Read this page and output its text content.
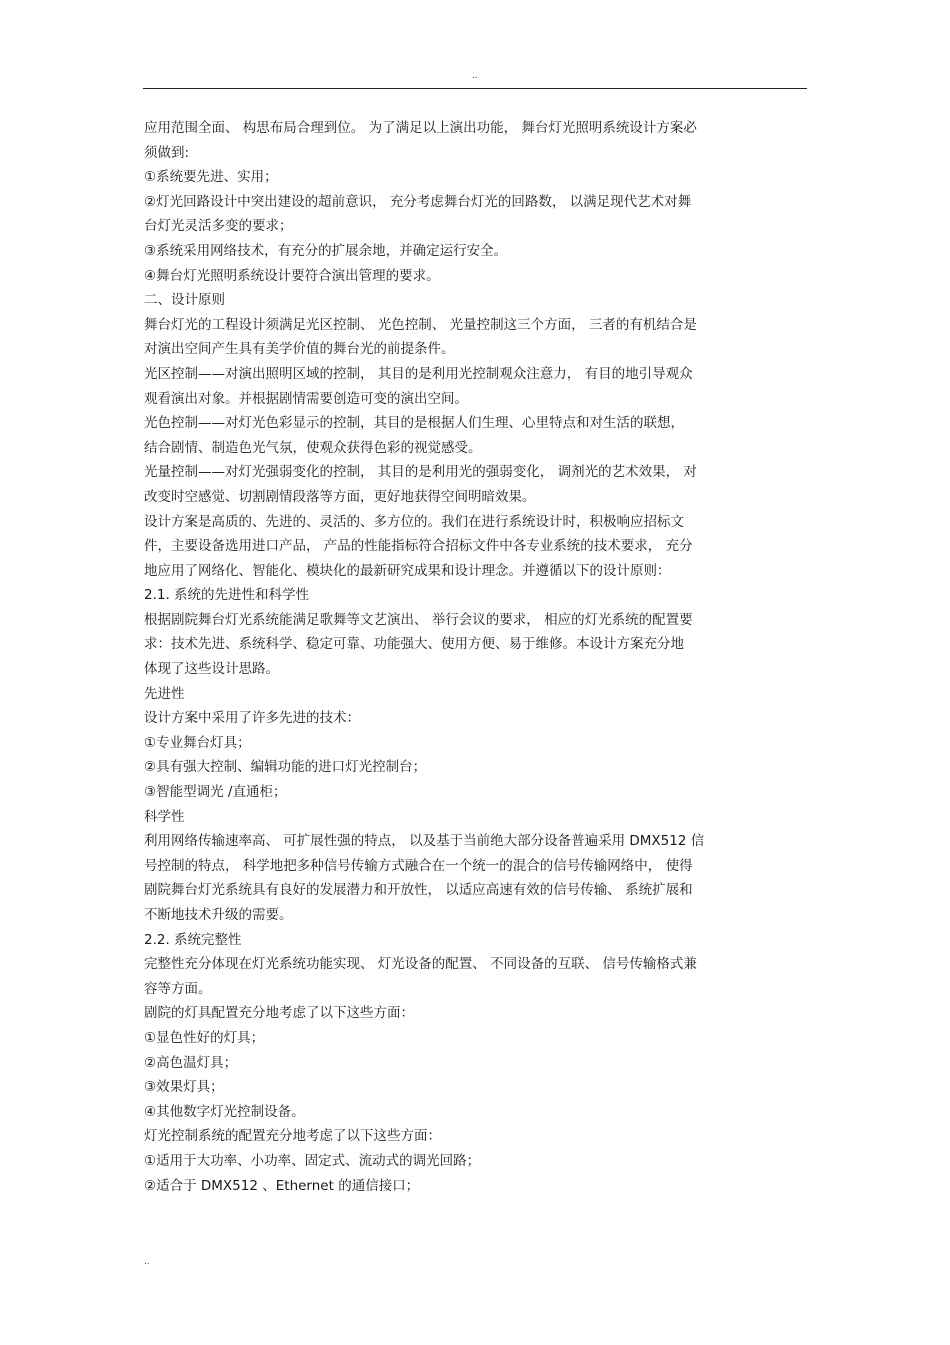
..
应用范围全面、 构思布局合理到位。 为了满足以上演出功能， 舞台灯光照明系统设计方案必
须做到:
①系统要先进、实用；
②灯光回路设计中突出建设的超前意识， 充分考虑舞台灯光的回路数， 以满足现代艺术对舞
台灯光灵活多变的要求；
③系统采用网络技术，有充分的扩展余地，并确定运行安全。
④舞台灯光照明系统设计要符合演出管理的要求。
二、设计原则
舞台灯光的工程设计须满足光区控制、 光色控制、 光量控制这三个方面， 三者的有机结合是
对演出空间产生具有美学价值的舞台光的前提条件。
光区控制——对演出照明区域的控制， 其目的是利用光控制观众注意力， 有目的地引导观众
观看演出对象。并根据剧情需要创造可变的演出空间。
光色控制——对灯光色彩显示的控制，其目的是根据人们生理、心里特点和对生活的联想，
结合剧情、制造色光气氛，使观众获得色彩的视觉感受。
光量控制——对灯光强弱变化的控制， 其目的是利用光的强弱变化， 调剂光的艺术效果， 对
改变时空感觉、切割剧情段落等方面，更好地获得空间明暗效果。
设计方案是高质的、先进的、灵活的、多方位的。我们在进行系统设计时，积极响应招标文
件，主要设备选用进口产品， 产品的性能指标符合招标文件中各专业系统的技术要求， 充分
地应用了网络化、智能化、模块化的最新研究成果和设计理念。并遵循以下的设计原则：
2.1. 系统的先进性和科学性
根据剧院舞台灯光系统能满足歌舞等文艺演出、 举行会议的要求， 相应的灯光系统的配置要
求：技术先进、系统科学、稳定可靠、功能强大、使用方便、易于维修。本设计方案充分地
体现了这些设计思路。
先进性
设计方案中采用了许多先进的技术：
①专业舞台灯具；
②具有强大控制、编辑功能的进口灯光控制台；
③智能型调光 /直通柜；
科学性
利用网络传输速率高、 可扩展性强的特点， 以及基于当前绝大部分设备普遍采用 DMX512 信
号控制的特点， 科学地把多种信号传输方式融合在一个统一的混合的信号传输网络中， 使得
剧院舞台灯光系统具有良好的发展潜力和开放性， 以适应高速有效的信号传输、 系统扩展和
不断地技术升级的需要。
2.2. 系统完整性
完整性充分体现在灯光系统功能实现、 灯光设备的配置、 不同设备的互联、 信号传输格式兼
容等方面。
剧院的灯具配置充分地考虑了以下这些方面：
①显色性好的灯具；
②高色温灯具；
③效果灯具；
④其他数字灯光控制设备。
灯光控制系统的配置充分地考虑了以下这些方面：
①适用于大功率、小功率、固定式、流动式的调光回路；
②适合于 DMX512 、Ethernet 的通信接口；
..
